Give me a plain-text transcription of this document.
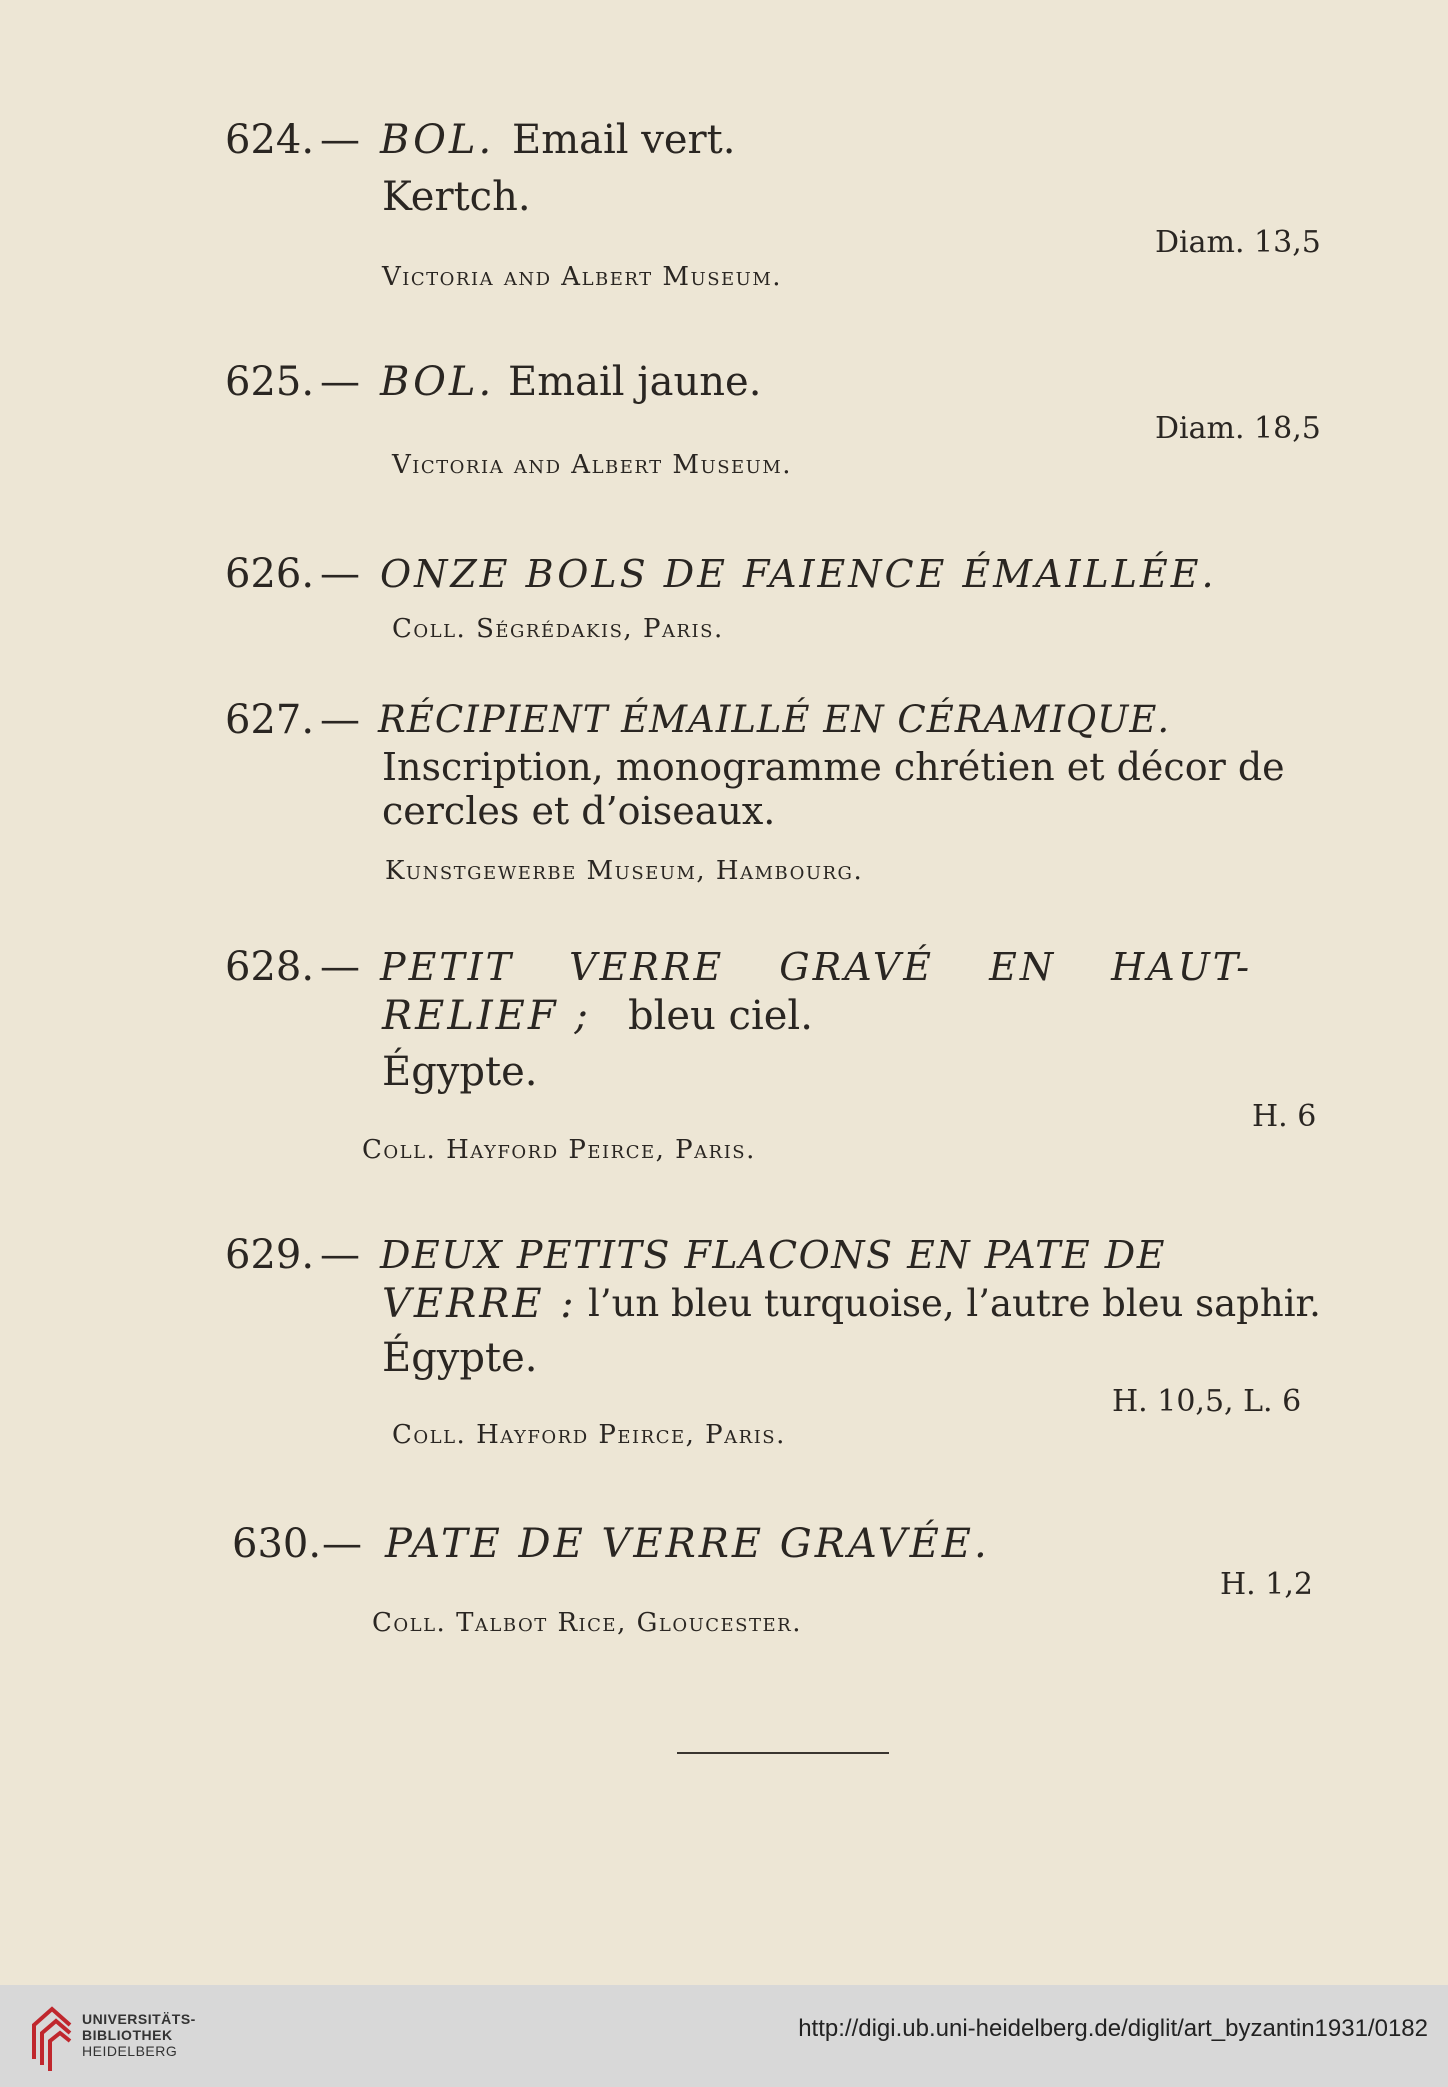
624. — BOL. Email vert.
Kertch.
Diam. 13,5
Victoria and Albert Museum.
625. — BOL. Email jaune.
Diam. 18,5
Victoria and Albert Museum.
626. — ONZE BOLS DE FAIENCE ÉMAILLÉE.
Coll. Ségrédakis, Paris.
627. — RÉCIPIENT ÉMAILLÉ EN CÉRAMIQUE.
Inscription, monogramme chrétien et décor de
cercles et d’oiseaux.
Kunstgewerbe Museum, Hambourg.
628. — PETIT VERRE GRAVÉ EN HAUT-
RELIEF ; bleu ciel.
Égypte.
H. 6
Coll. Hayford Peirce, Paris.
629. — DEUX PETITS FLACONS EN PATE DE
VERRE : l’un bleu turquoise, l’autre bleu saphir.
Égypte.
H. 10,5, L. 6
Coll. Hayford Peirce, Paris.
630. — PATE DE VERRE GRAVÉE.
H. 1,2
Coll. Talbot Rice, Gloucester.
UNIVERSITÄTS-
BIBLIOTHEK
HEIDELBERG
http://digi.ub.uni-heidelberg.de/diglit/art_byzantin1931/0182
